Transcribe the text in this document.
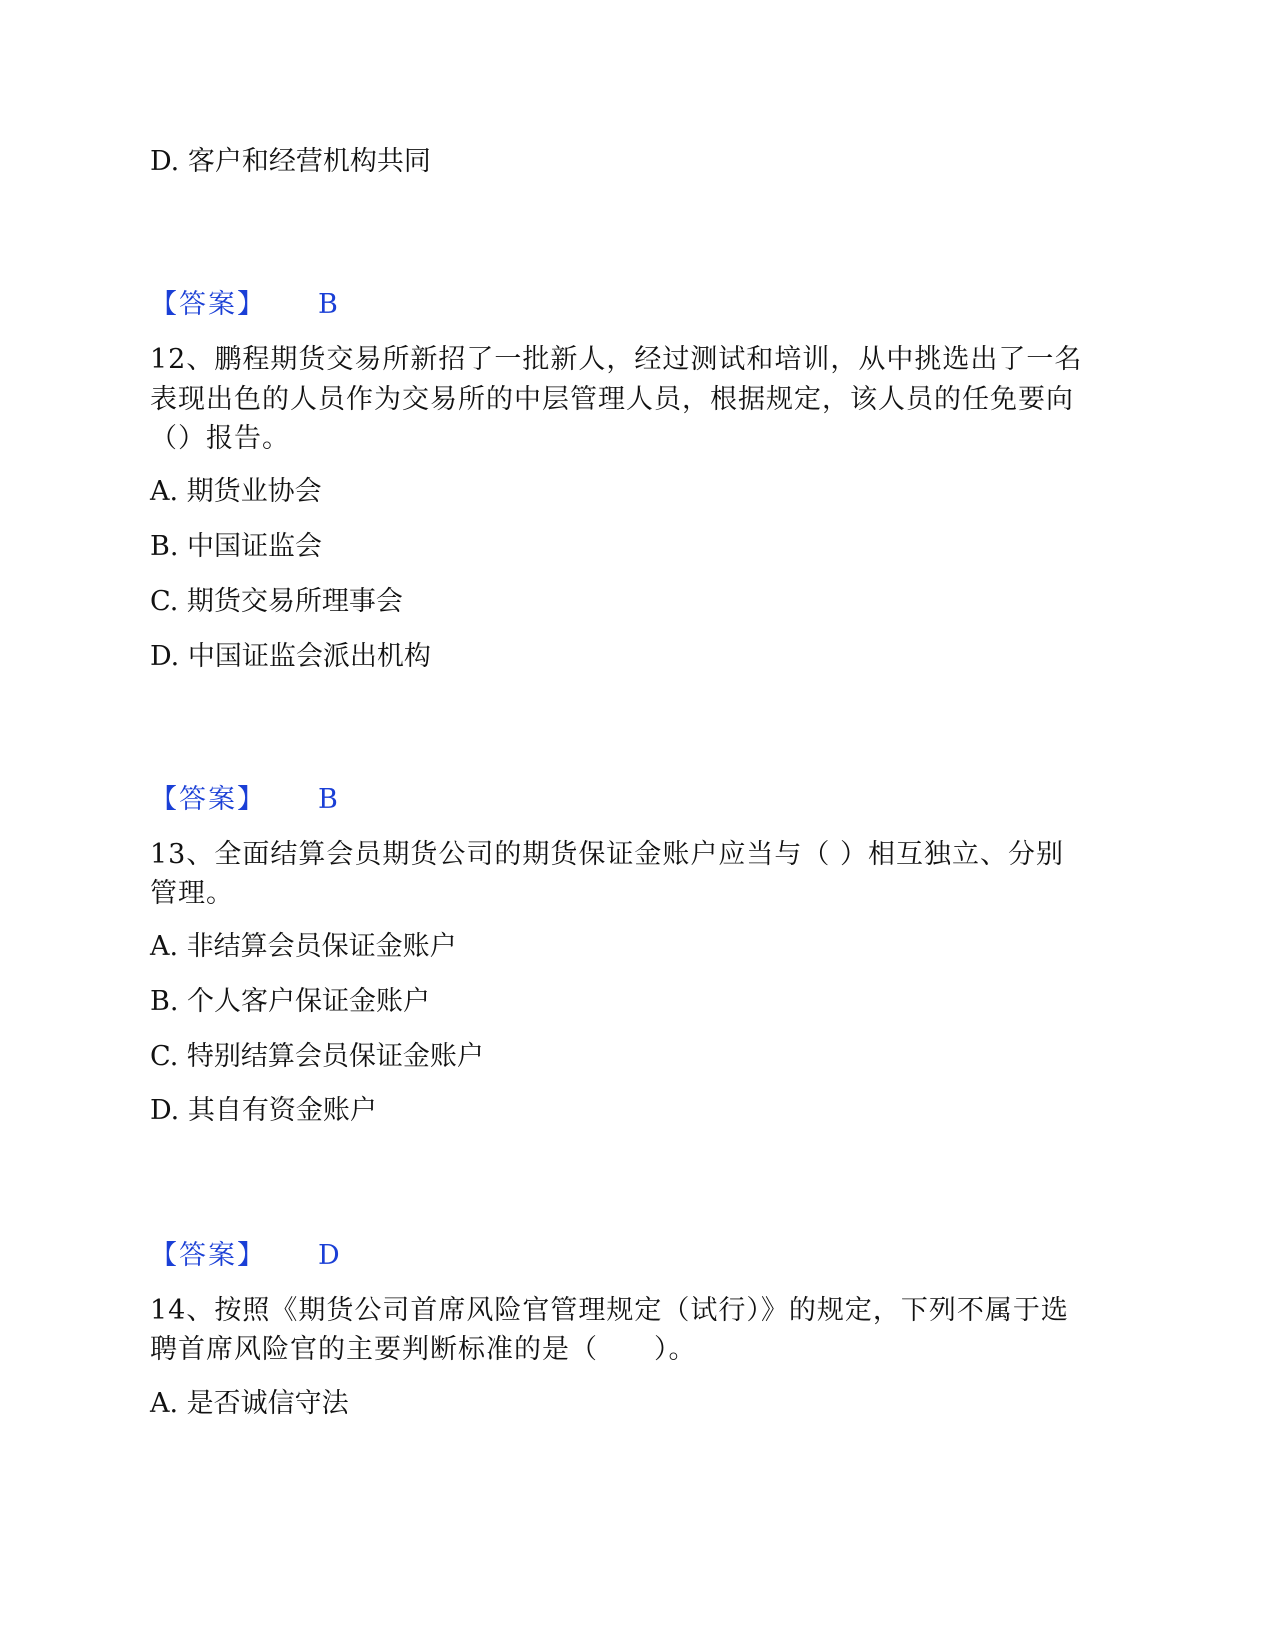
D. 客户和经营机构共同
【答案】 B
12、鹏程期货交易所新招了一批新人，经过测试和培训，从中挑选出了一名
表现出色的人员作为交易所的中层管理人员，根据规定，该人员的任免要向
（）报告。
A. 期货业协会
B. 中国证监会
C. 期货交易所理事会
D. 中国证监会派出机构
【答案】 B
13、全面结算会员期货公司的期货保证金账户应当与（ ）相互独立、分别
管理。
A. 非结算会员保证金账户
B. 个人客户保证金账户
C. 特别结算会员保证金账户
D. 其自有资金账户
【答案】 D
14、按照《期货公司首席风险官管理规定（试行）》的规定，下列不属于选
聘首席风险官的主要判断标准的是（　　）。
A. 是否诚信守法
